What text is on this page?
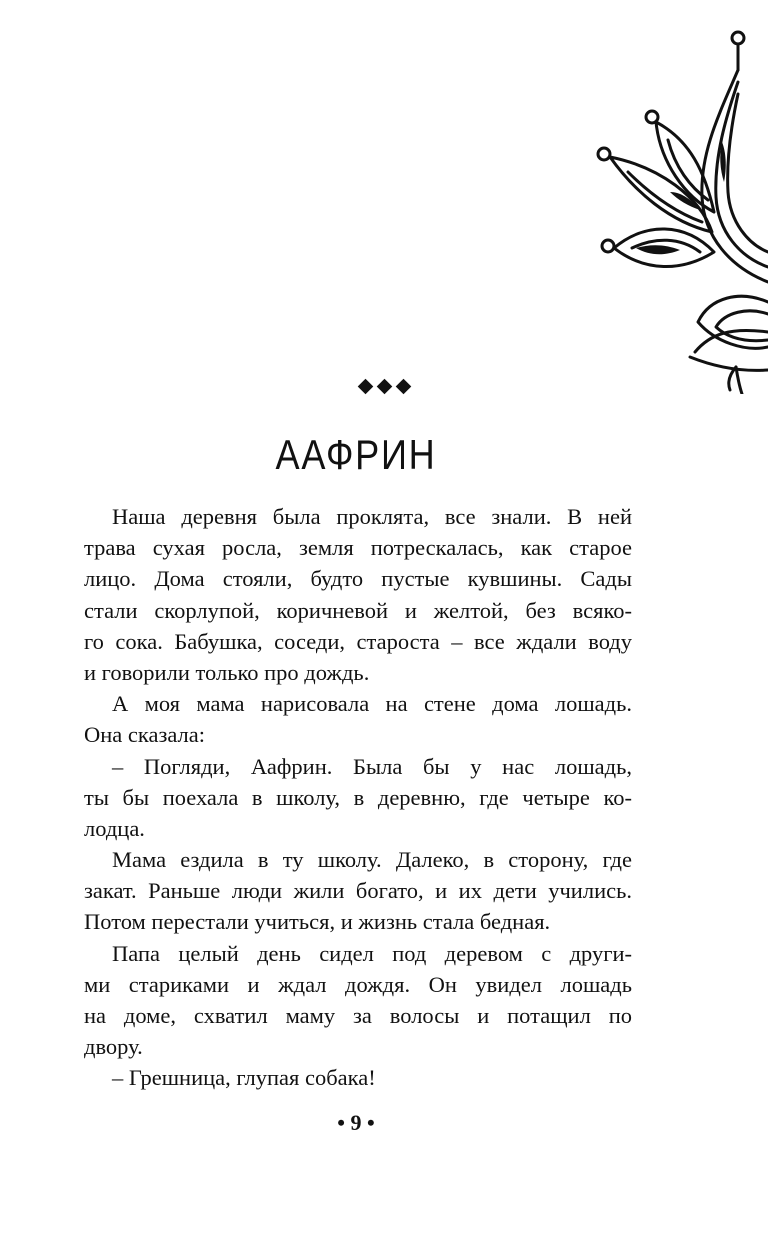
ААФРИН
Наша деревня была проклята, все знали. В ней
трава сухая росла, земля потрескалась, как старое
лицо. Дома стояли, будто пустые кувшины. Сады
стали скорлупой, коричневой и желтой, без всяко-
го сока. Бабушка, соседи, староста – все ждали воду
и говорили только про дождь.
А моя мама нарисовала на стене дома лошадь.
Она сказала:
– Погляди, Аафрин. Была бы у нас лошадь,
ты бы поехала в школу, в деревню, где четыре ко-
лодца.
Мама ездила в ту школу. Далеко, в сторону, где
закат. Раньше люди жили богато, и их дети учились.
Потом перестали учиться, и жизнь стала бедная.
Папа целый день сидел под деревом с други-
ми стариками и ждал дождя. Он увидел лошадь
на доме, схватил маму за волосы и потащил по
двору.
– Грешница, глупая собака!
• 9 •
